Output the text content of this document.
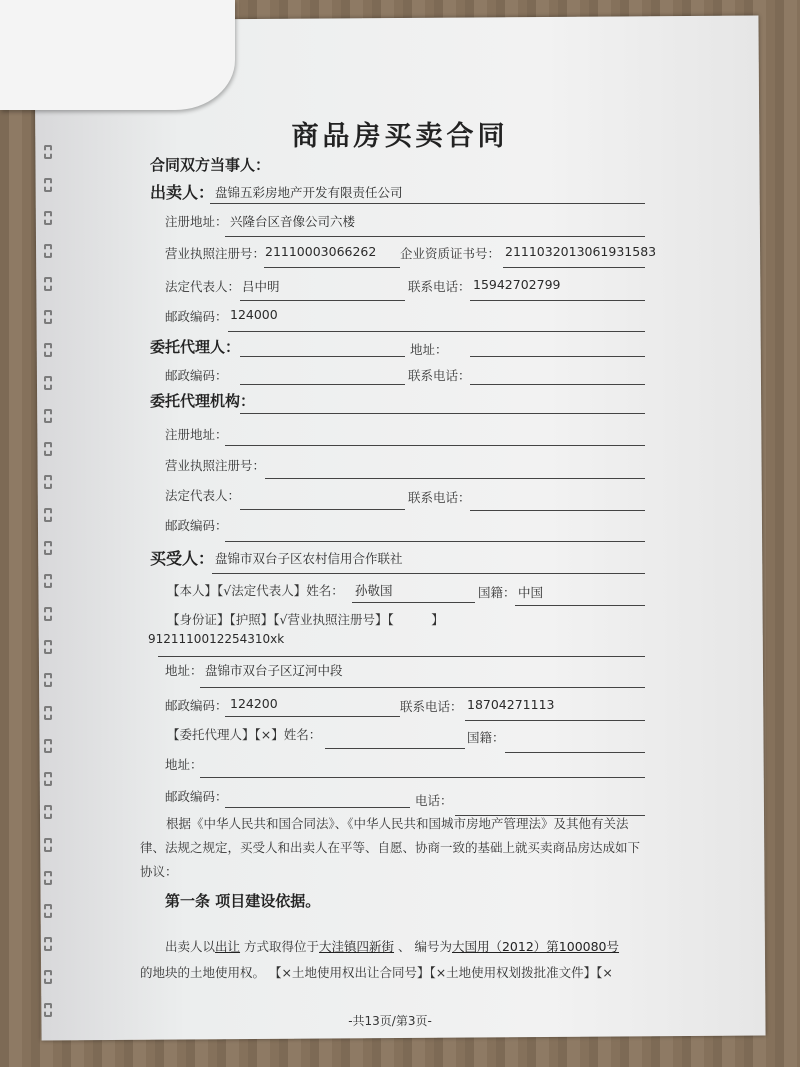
商品房买卖合同
合同双方当事人：
出卖人： 盘锦五彩房地产开发有限责任公司
注册地址： 兴隆台区音像公司六楼
营业执照注册号： 21110003066262 企业资质证书号： 2111032013061931583
法定代表人： 吕中明	联系电话： 15942702799
邮政编码： 124000
委托代理人：	地址：
邮政编码：	联系电话：
委托代理机构：
注册地址：
营业执照注册号：
法定代表人：	联系电话：
邮政编码：
买受人： 盘锦市双台子区农村信用合作联社
【本人】【√法定代表人】姓名： 孙敬国	国籍： 中国
【身份证】【护照】【√营业执照注册号】【　　　】
9121110012254310xk
地址： 盘锦市双台子区辽河中段
邮政编码： 124200	联系电话： 18704271113
【委托代理人】【×】姓名：	国籍：
地址：
邮政编码：	电话：
根据《中华人民共和国合同法》、《中华人民共和国城市房地产管理法》及其他有关法律、法规之规定，买受人和出卖人在平等、自愿、协商一致的基础上就买卖商品房达成如下协议：
第一条 项目建设依据。
出卖人以出让 方式取得位于大洼镇四新街 、 编号为大国用（2012）第100080号
的地块的土地使用权。 【×土地使用权出让合同号】【×土地使用权划拨批准文件】【×
-共13页/第3页-
